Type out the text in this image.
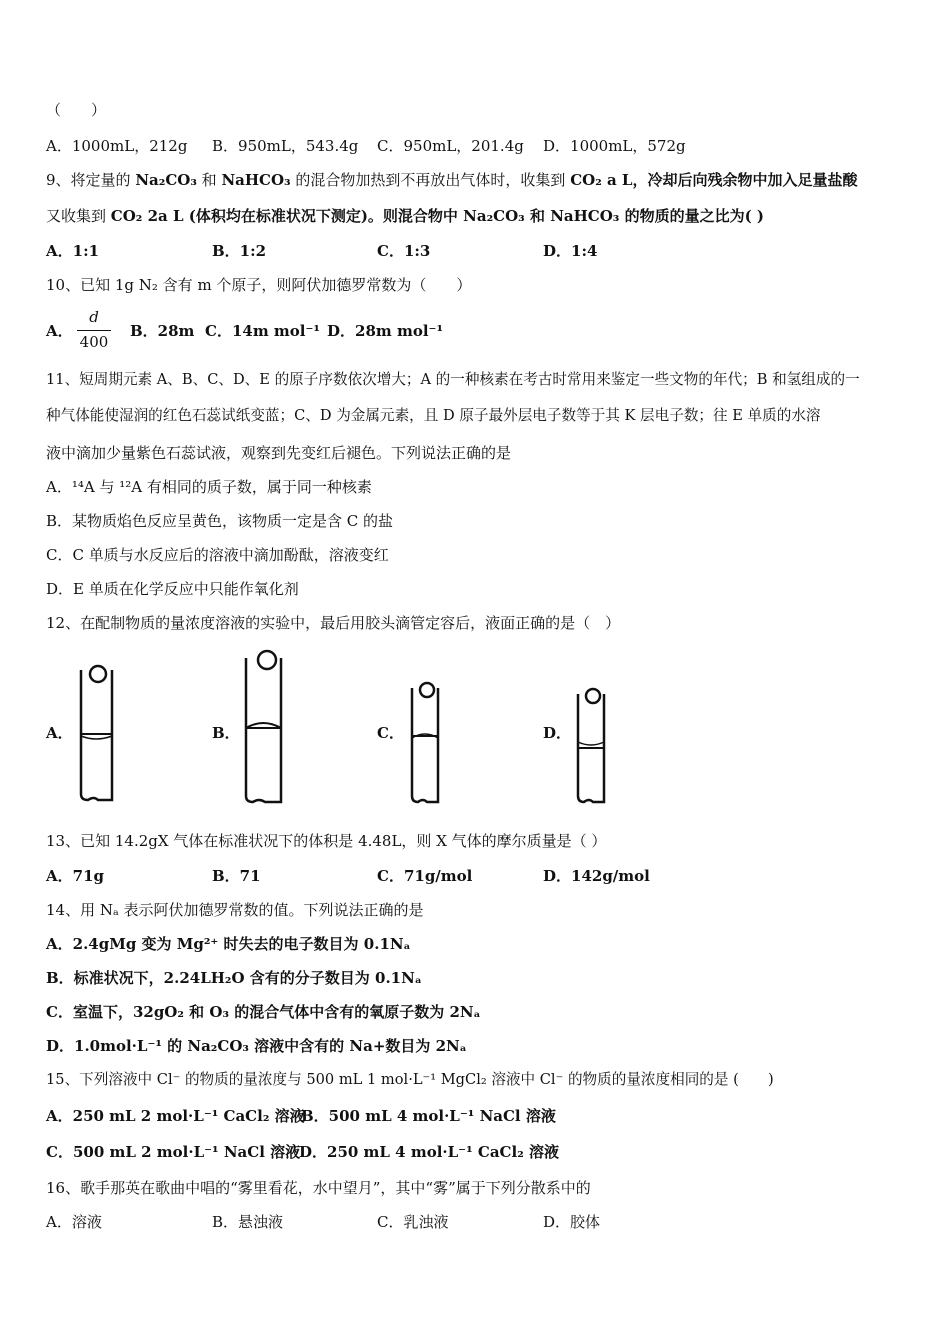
（　　）
A．1000mL，212g B．950mL，543.4g C．950mL，201.4g D．1000mL，572g
9、将定量的 Na₂CO₃ 和 NaHCO₃ 的混合物加热到不再放出气体时，收集到 CO₂ a L，冷却后向残余物中加入足量盐酸
又收集到 CO₂ 2a L (体积均在标准状况下测定)。则混合物中 Na₂CO₃ 和 NaHCO₃ 的物质的量之比为( )
A．1:1	B．1:2	C．1:3	D．1:4
10、已知 1g N₂ 含有 m 个原子，则阿伏加德罗常数为（　　）
A．
d
400
B．28m C．14m mol⁻¹ D．28m mol⁻¹
11、短周期元素 A、B、C、D、E 的原子序数依次增大；A 的一种核素在考古时常用来鉴定一些文物的年代；B 和氢组成的一
种气体能使湿润的红色石蕊试纸变蓝；C、D 为金属元素，且 D 原子最外层电子数等于其 K 层电子数；往 E 单质的水溶
液中滴加少量紫色石蕊试液，观察到先变红后褪色。下列说法正确的是
A．¹⁴A 与 ¹²A 有相同的质子数，属于同一种核素
B．某物质焰色反应呈黄色，该物质一定是含 C 的盐
C．C 单质与水反应后的溶液中滴加酚酞，溶液变红
D．E 单质在化学反应中只能作氧化剂
12、在配制物质的量浓度溶液的实验中，最后用胶头滴管定容后，液面正确的是（　）
A．	B．	C．	D．
13、已知 14.2gX 气体在标准状况下的体积是 4.48L，则 X 气体的摩尔质量是（ ）
A．71g	B．71	C．71g/mol	D．142g/mol
14、用 Nₐ 表示阿伏加德罗常数的值。下列说法正确的是
A．2.4gMg 变为 Mg²⁺ 时失去的电子数目为 0.1Nₐ
B．标准状况下，2.24LH₂O 含有的分子数目为 0.1Nₐ
C．室温下，32gO₂ 和 O₃ 的混合气体中含有的氧原子数为 2Nₐ
D．1.0mol·L⁻¹ 的 Na₂CO₃ 溶液中含有的 Na+数目为 2Nₐ
15、下列溶液中 Cl⁻ 的物质的量浓度与 500 mL 1 mol·L⁻¹ MgCl₂ 溶液中 Cl⁻ 的物质的量浓度相同的是 (　　)
A．250 mL 2 mol·L⁻¹ CaCl₂ 溶液
B．500 mL 4 mol·L⁻¹ NaCl 溶液
C．500 mL 2 mol·L⁻¹ NaCl 溶液
D．250 mL 4 mol·L⁻¹ CaCl₂ 溶液
16、歌手那英在歌曲中唱的“雾里看花，水中望月”，其中“雾”属于下列分散系中的
A．溶液	B．悬浊液	C．乳浊液	D．胶体
